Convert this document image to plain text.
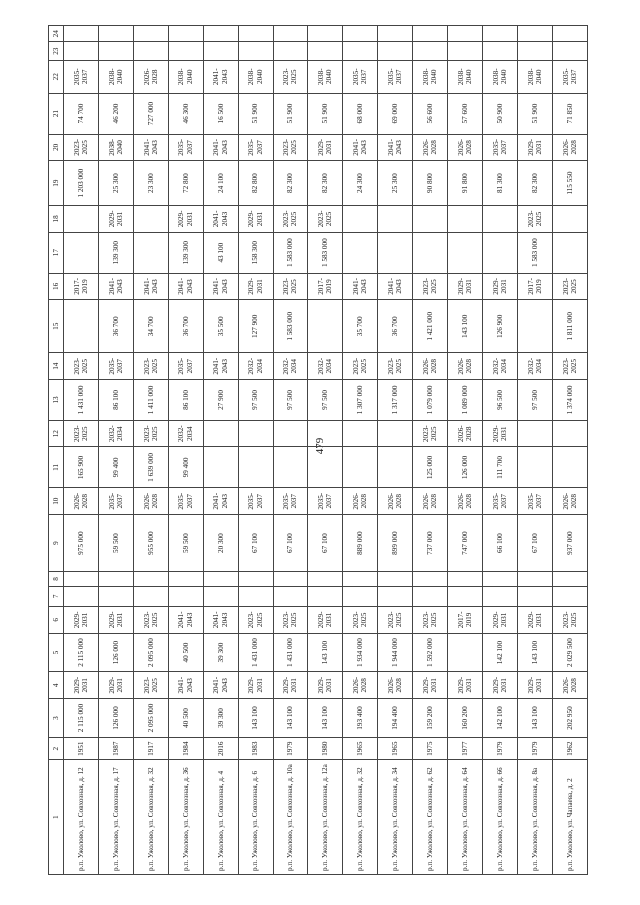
479
1	2	3	4	5	6	7	8	9	10	11	12	13	14	15	16	17	18	19	20	21	22	23	24
р.п. Ужолово, ул. Совхозная, д. 12	1951	2 115 000	2029-​2031	2 115 000	2029-​2031			975 000	2026-​2028	165 900	2023-​2025	1 431 000	2023-​2025		2017-​2019			1 203 000	2023-​2025	74 700	2035-​2037		
р.п. Ужолово, ул. Совхозная, д. 17	1987	126 000	2029-​2031	126 000	2029-​2031			59 500	2035-​2037	99 400	2032-​2034	86 100	2035-​2037	36 700	2041-​2043	139 300	2029-​2031	25 300	2038-​2040	46 200	2038-​2040		
р.п. Ужолово, ул. Совхозная, д. 32	1917	2 095 000	2023-​2025	2 095 000	2023-​2025			955 000	2026-​2028	1 639 000	2023-​2025	1 411 000	2023-​2025	34 700	2041-​2043			23 300	2041-​2043	727 000	2026-​2028		
р.п. Ужолово, ул. Совхозная, д. 36	1984	40 500	2041-​2043	40 500	2041-​2043			59 500	2035-​2037	99 400	2032-​2034	86 100	2035-​2037	36 700	2041-​2043	139 300	2029-​2031	72 800	2035-​2037	46 300	2038-​2040		
р.п. Ужолово, ул. Совхозная, д. 4	2016	39 300	2041-​2043	39 300	2041-​2043			20 300	2041-​2043			27 900	2041-​2043	35 500	2041-​2043	43 100	2041-​2043	24 100	2041-​2043	16 500	2041-​2043		
р.п. Ужолово, ул. Совхозная, д. 6	1983	143 100	2029-​2031	1 431 000	2023-​2025			67 100	2035-​2037			97 500	2032-​2034	127 900	2029-​2031	158 300	2029-​2031	82 800	2035-​2037	51 900	2038-​2040		
р.п. Ужолово, ул. Совхозная, д. 10а	1979	143 100	2029-​2031	1 431 000	2023-​2025			67 100	2035-​2037			97 500	2032-​2034	1 583 000	2023-​2025	1 583 000	2023-​2025	82 300	2023-​2025	51 900	2023-​2025		
р.п. Ужолово, ул. Совхозная, д. 12а	1980	143 100	2029-​2031	143 100	2029-​2031			67 100	2035-​2037			97 500	2032-​2034		2017-​2019	1 583 000	2023-​2025	82 300	2029-​2031	51 900	2038-​2040		
р.п. Ужолово, ул. Совхозная, д. 32	1965	193 400	2026-​2028	1 934 000	2023-​2025			889 000	2026-​2028			1 307 000	2023-​2025	35 700	2041-​2043			24 300	2041-​2043	68 000	2035-​2037		
р.п. Ужолово, ул. Совхозная, д. 34	1965	194 400	2026-​2028	1 944 000	2023-​2025			899 000	2026-​2028			1 317 000	2023-​2025	36 700	2041-​2043			25 300	2041-​2043	69 000	2035-​2037		
р.п. Ужолово, ул. Совхозная, д. 62	1975	159 200	2029-​2031	1 592 000	2023-​2025			737 000	2026-​2028	125 000	2023-​2025	1 079 000	2026-​2028	1 421 000	2023-​2025			90 800	2026-​2028	56 600	2038-​2040		
р.п. Ужолово, ул. Совхозная, д. 64	1977	160 200	2029-​2031		2017-​2019			747 000	2026-​2028	126 000	2026-​2028	1 089 000	2026-​2028	143 100	2029-​2031			91 800	2026-​2028	57 600	2038-​2040		
р.п. Ужолово, ул. Совхозная, д. 66	1979	142 100	2029-​2031	142 100	2029-​2031			66 100	2035-​2037	111 700	2029-​2031	96 500	2032-​2034	126 900	2029-​2031			81 300	2035-​2037	50 900	2038-​2040		
р.п. Ужолово, ул. Совхозная, д. 8а	1979	143 100	2029-​2031	143 100	2029-​2031			67 100	2035-​2037			97 500	2032-​2034		2017-​2019	1 583 000	2023-​2025	82 300	2029-​2031	51 900	2038-​2040		
р.п. Ужолово, ул. Чапаева, д. 2	1962	202 950	2026-​2028	2 029 500	2023-​2025			937 000	2026-​2028			1 374 000	2023-​2025	1 811 000	2023-​2025			115 550	2026-​2028	71 850	2035-​2037		
